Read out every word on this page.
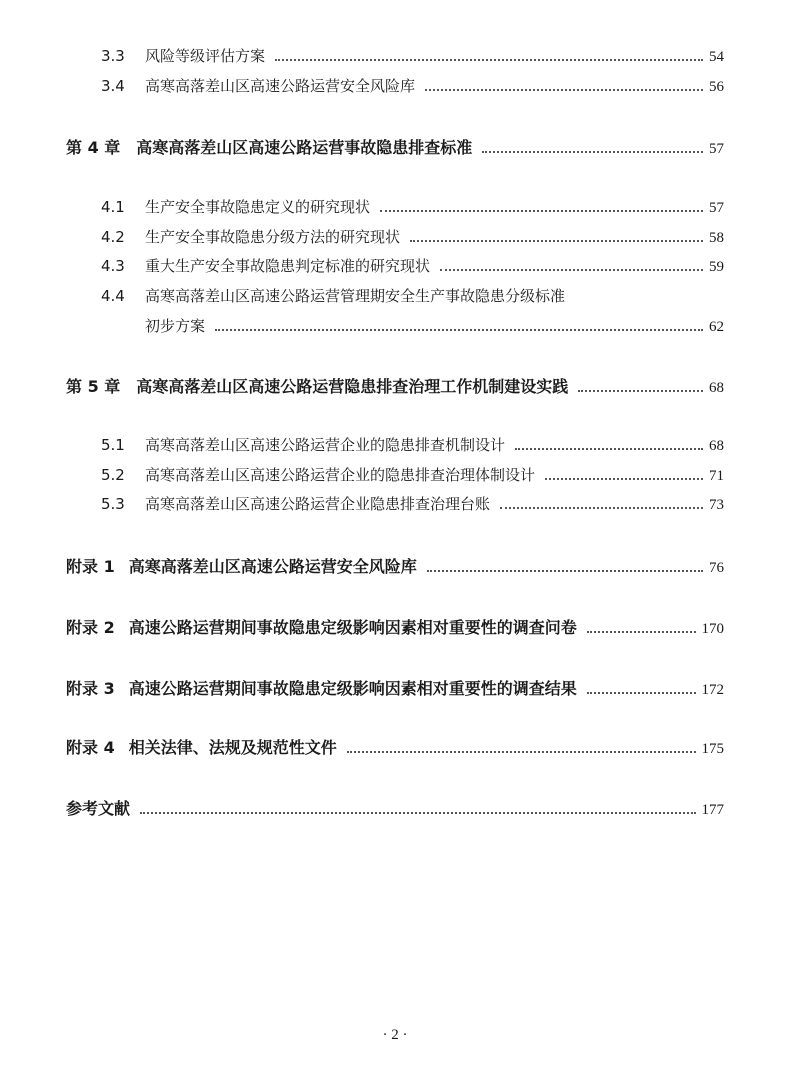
3.3	风险等级评估方案	54
3.4	高寒高落差山区高速公路运营安全风险库	56
第 4 章 高寒高落差山区高速公路运营事故隐患排查标准	57
4.1	生产安全事故隐患定义的研究现状	57
4.2	生产安全事故隐患分级方法的研究现状	58
4.3	重大生产安全事故隐患判定标准的研究现状	59
4.4	高寒高落差山区高速公路运营管理期安全生产事故隐患分级标准
初步方案	62
第 5 章 高寒高落差山区高速公路运营隐患排查治理工作机制建设实践	68
5.1	高寒高落差山区高速公路运营企业的隐患排查机制设计	68
5.2	高寒高落差山区高速公路运营企业的隐患排查治理体制设计	71
5.3	高寒高落差山区高速公路运营企业隐患排查治理台账	73
附录 1 高寒高落差山区高速公路运营安全风险库	76
附录 2 高速公路运营期间事故隐患定级影响因素相对重要性的调查问卷	170
附录 3 高速公路运营期间事故隐患定级影响因素相对重要性的调查结果	172
附录 4 相关法律、法规及规范性文件	175
参考文献	177
· 2 ·
